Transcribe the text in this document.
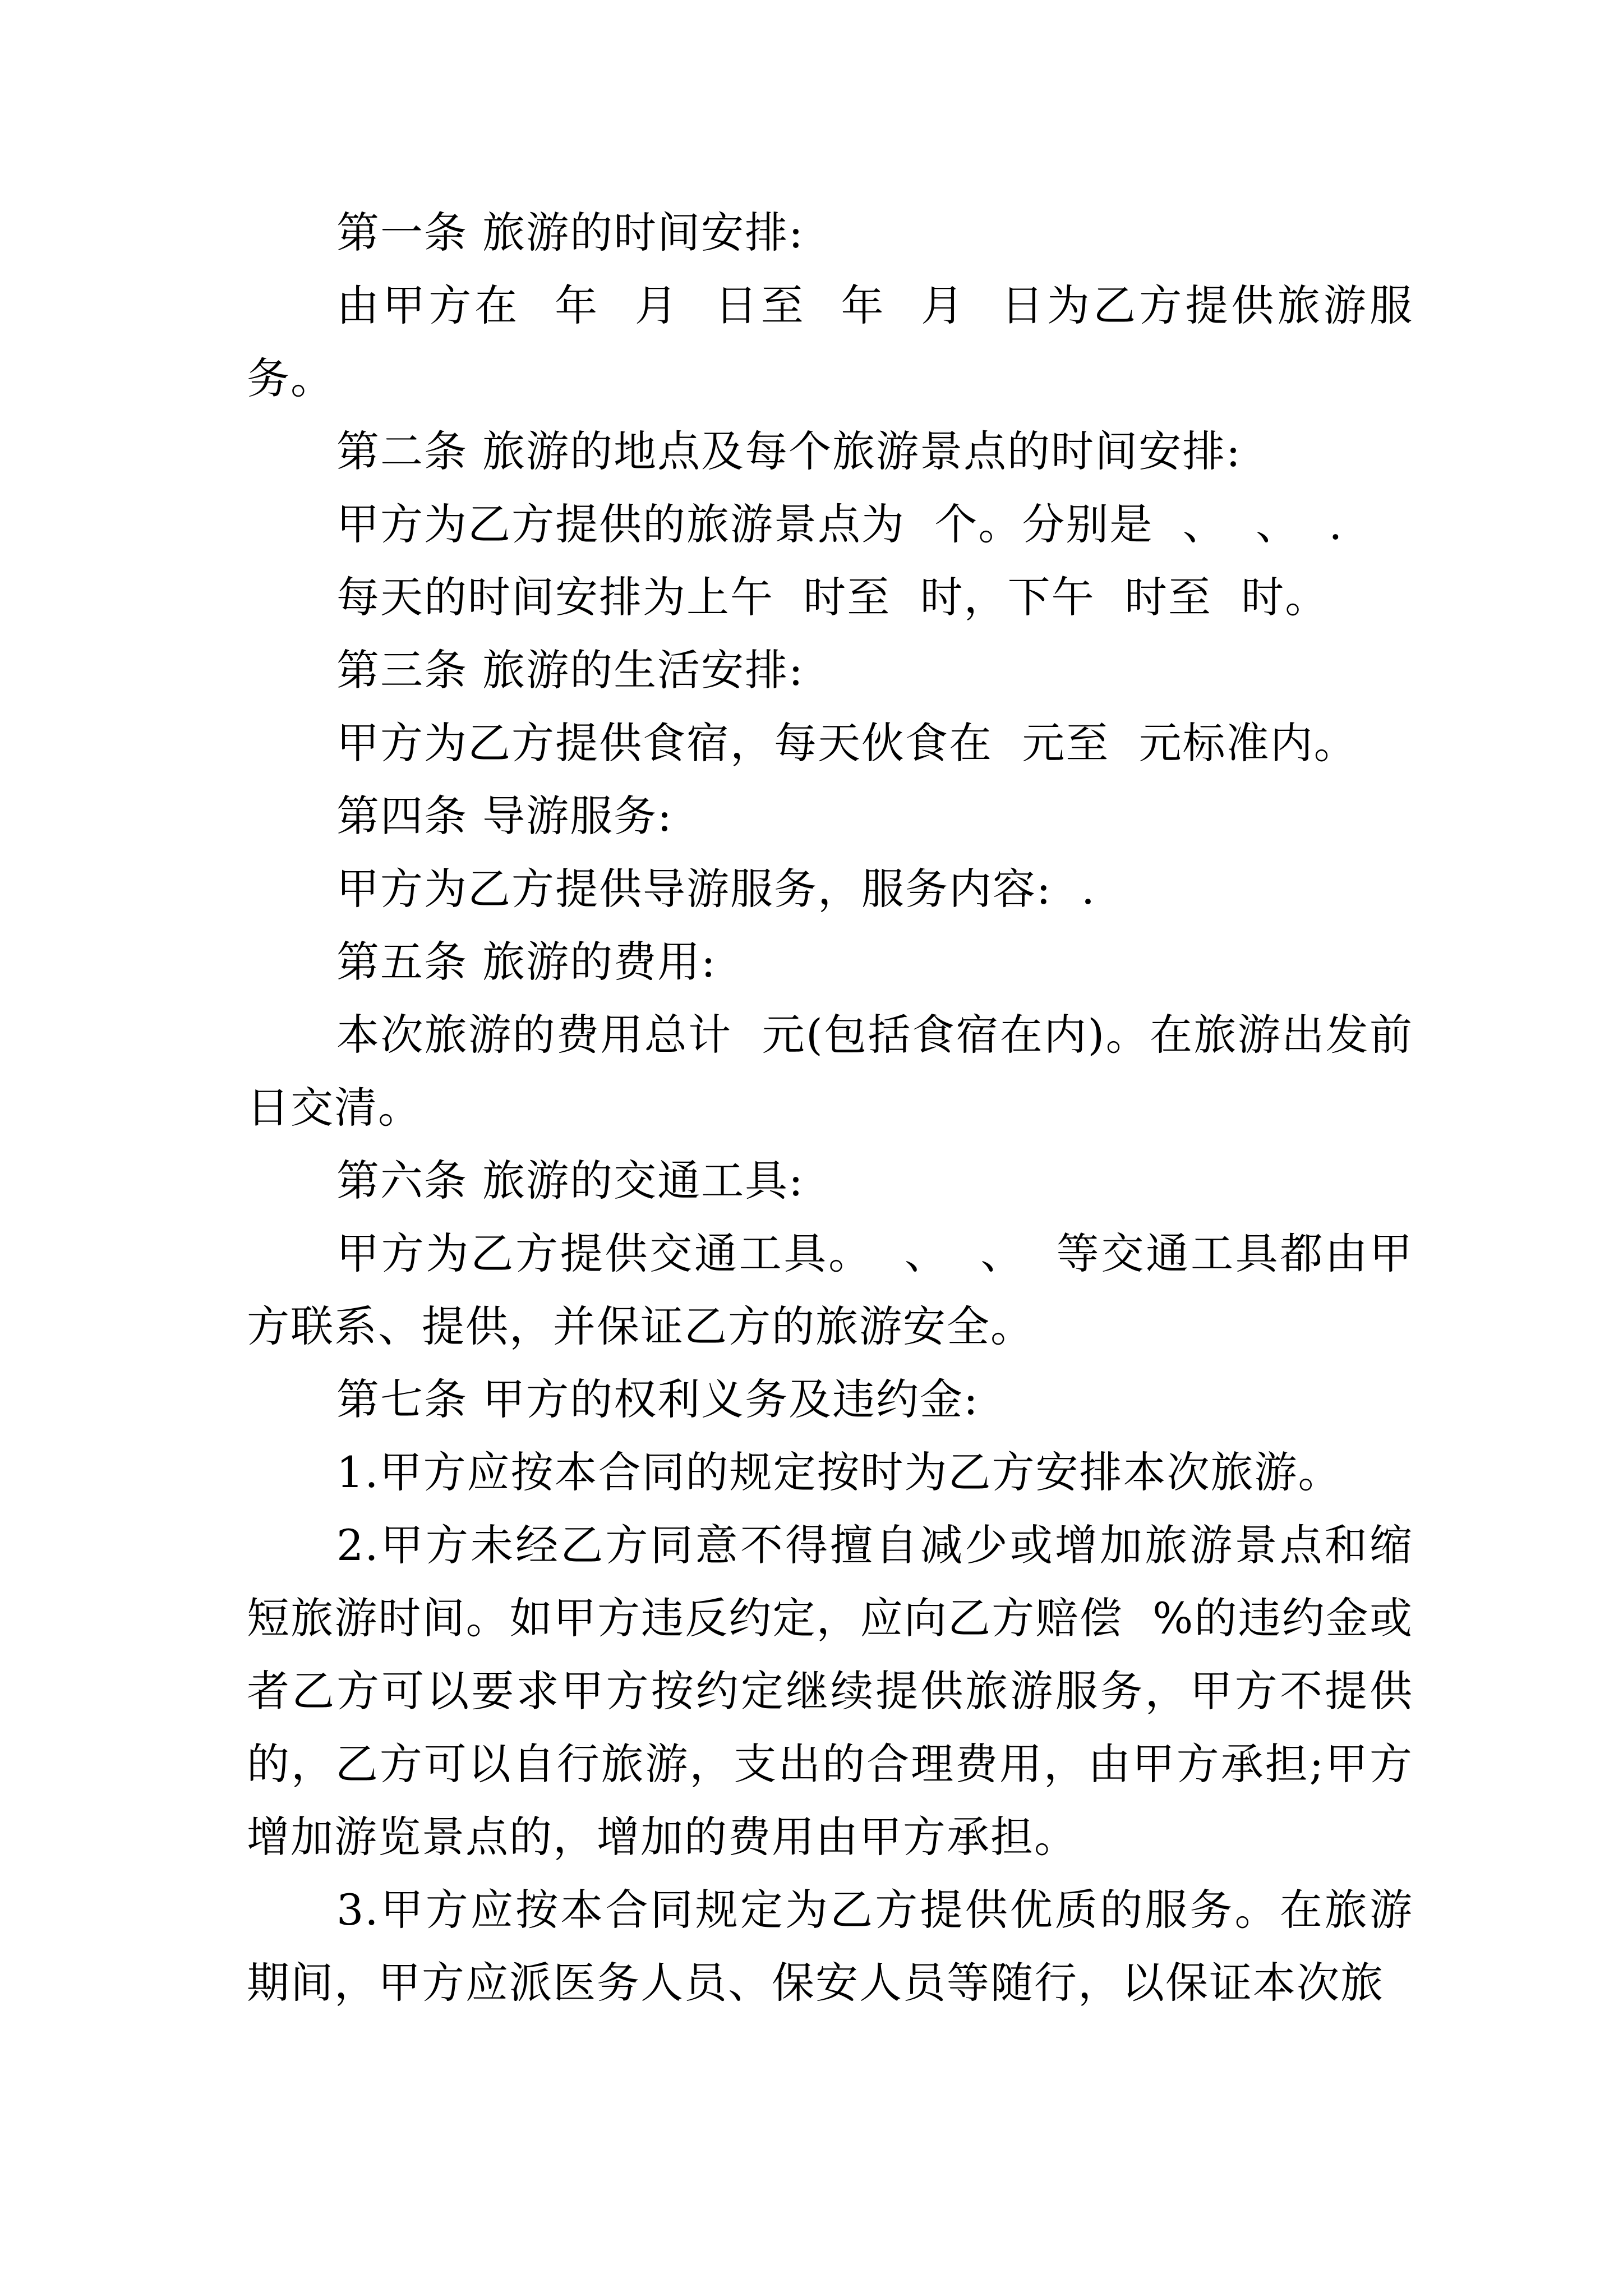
第一条 旅游的时间安排:

由甲方在  年  月  日至  年  月  日为乙方提供旅游服务。

第二条 旅游的地点及每个旅游景点的时间安排:

甲方为乙方提供的旅游景点为  个。分别是  、  、  .

每天的时间安排为上午  时至  时，下午  时至  时。

第三条 旅游的生活安排:

甲方为乙方提供食宿，每天伙食在  元至  元标准内。

第四条 导游服务:

甲方为乙方提供导游服务，服务内容:  .

第五条 旅游的费用:

本次旅游的费用总计  元(包括食宿在内)。在旅游出发前  日交清。

第六条 旅游的交通工具:

甲方为乙方提供交通工具。  、  、  等交通工具都由甲方联系、提供，并保证乙方的旅游安全。

第七条 甲方的权利义务及违约金:

1.甲方应按本合同的规定按时为乙方安排本次旅游。

2.甲方未经乙方同意不得擅自减少或增加旅游景点和缩短旅游时间。如甲方违反约定，应向乙方赔偿  %的违约金或者乙方可以要求甲方按约定继续提供旅游服务，甲方不提供的，乙方可以自行旅游，支出的合理费用，由甲方承担;甲方增加游览景点的，增加的费用由甲方承担。

3.甲方应按本合同规定为乙方提供优质的服务。在旅游期间，甲方应派医务人员、保安人员等随行，以保证本次旅
